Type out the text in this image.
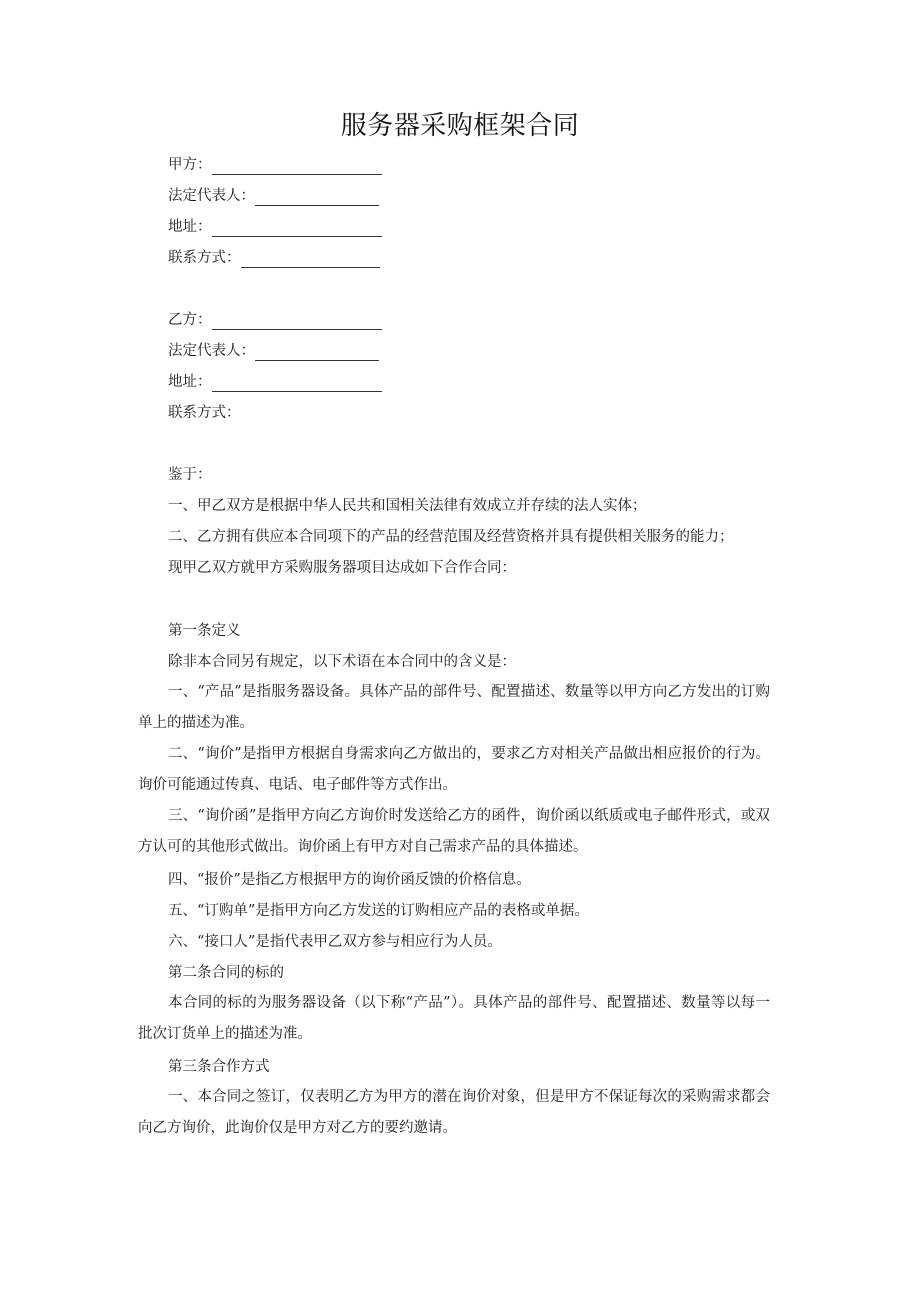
服务器采购框架合同
甲方：
法定代表人：
地址：
联系方式：
乙方：
法定代表人：
地址：
联系方式：
鉴于：
一、甲乙双方是根据中华人民共和国相关法律有效成立并存续的法人实体；
二、乙方拥有供应本合同项下的产品的经营范围及经营资格并具有提供相关服务的能力；
现甲乙双方就甲方采购服务器项目达成如下合作合同：
第一条定义
除非本合同另有规定，以下术语在本合同中的含义是：
一、“产品”是指服务器设备。具体产品的部件号、配置描述、数量等以甲方向乙方发出的订购单上的描述为准。
二、“询价”是指甲方根据自身需求向乙方做出的，要求乙方对相关产品做出相应报价的行为。询价可能通过传真、电话、电子邮件等方式作出。
三、“询价函”是指甲方向乙方询价时发送给乙方的函件，询价函以纸质或电子邮件形式，或双方认可的其他形式做出。询价函上有甲方对自己需求产品的具体描述。
四、“报价”是指乙方根据甲方的询价函反馈的价格信息。
五、“订购单”是指甲方向乙方发送的订购相应产品的表格或单据。
六、“接口人”是指代表甲乙双方参与相应行为人员。
第二条合同的标的
本合同的标的为服务器设备（以下称“产品”）。具体产品的部件号、配置描述、数量等以每一批次订货单上的描述为准。
第三条合作方式
一、本合同之签订，仅表明乙方为甲方的潜在询价对象，但是甲方不保证每次的采购需求都会向乙方询价，此询价仅是甲方对乙方的要约邀请。
